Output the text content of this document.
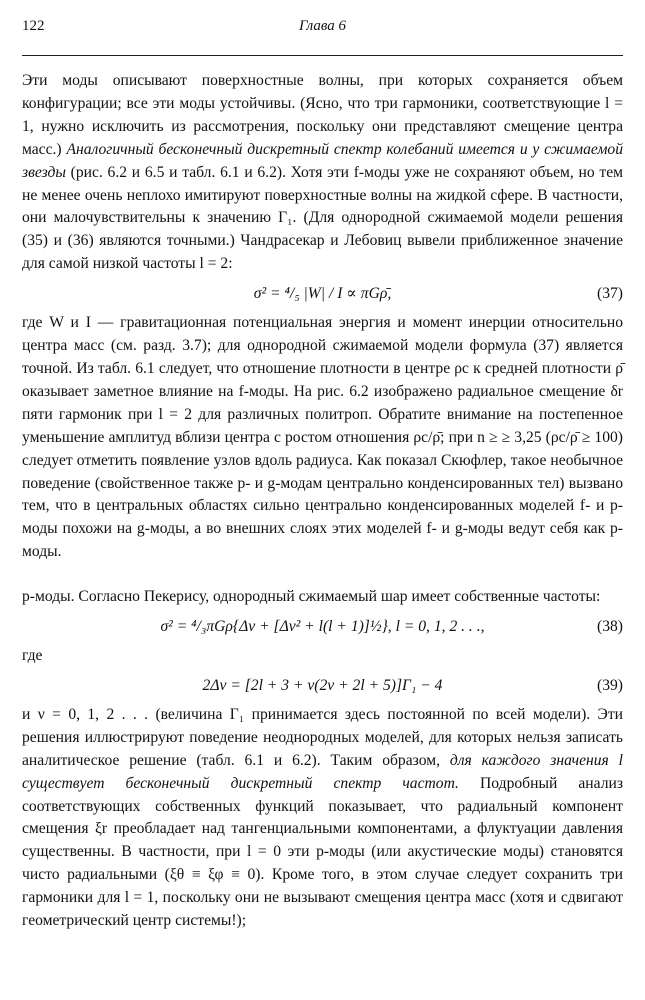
122	Глава 6

Эти моды описывают поверхностные волны, при которых сохраняется объем конфигурации; все эти моды устойчивы. (Ясно, что три гармоники, соответствующие l = 1, нужно исключить из рассмотрения, поскольку они представляют смещение центра масс.) Аналогичный бесконечный дискретный спектр колебаний имеется и у сжимаемой звезды (рис. 6.2 и 6.5 и табл. 6.1 и 6.2). Хотя эти f-моды уже не сохраняют объем, но тем не менее очень неплохо имитируют поверхностные волны на жидкой сфере. В частности, они малочувствительны к значению Γ₁. (Для однородной сжимаемой модели решения (35) и (36) являются точными.) Чандрасекар и Лебовиц вывели приближенное значение для самой низкой частоты l = 2:

σ² = ⁴/₅ |W| / I ∝ πGρ̄,	(37)

где W и I — гравитационная потенциальная энергия и момент инерции относительно центра масс (см. разд. 3.7); для однородной сжимаемой модели формула (37) является точной. Из табл. 6.1 следует, что отношение плотности в центре ρc к средней плотности ρ̄ оказывает заметное влияние на f-моды. На рис. 6.2 изображено радиальное смещение δr пяти гармоник при l = 2 для различных политроп. Обратите внимание на постепенное уменьшение амплитуд вблизи центра с ростом отношения ρc/ρ̄; при n ≥ ≥ 3,25 (ρc/ρ̄ ≥ 100) следует отметить появление узлов вдоль радиуса. Как показал Скюфлер, такое необычное поведение (свойственное также p- и g-модам центрально конденсированных тел) вызвано тем, что в центральных областях сильно центрально конденсированных моделей f- и p-моды похожи на g-моды, а во внешних слоях этих моделей f- и g-моды ведут себя как p-моды.

p-моды. Согласно Пекерису, однородный сжимаемый шар имеет собственные частоты:

σ² = ⁴/₃πGρ{Δν + [Δν² + l(l + 1)]½}, l = 0, 1, 2 . . .,	(38)

где

2Δν = [2l + 3 + ν(2ν + 2l + 5)]Γ₁ − 4	(39)

и ν = 0, 1, 2 . . . (величина Γ₁ принимается здесь постоянной по всей модели). Эти решения иллюстрируют поведение неоднородных моделей, для которых нельзя записать аналитическое решение (табл. 6.1 и 6.2). Таким образом, для каждого значения l существует бесконечный дискретный спектр частот. Подробный анализ соответствующих собственных функций показывает, что радиальный компонент смещения ξr преобладает над тангенциальными компонентами, а флуктуации давления существенны. В частности, при l = 0 эти p-моды (или акустические моды) становятся чисто радиальными (ξθ ≡ ξφ ≡ 0). Кроме того, в этом случае следует сохранить три гармоники для l = 1, поскольку они не вызывают смещения центра масс (хотя и сдвигают геометрический центр системы!);
